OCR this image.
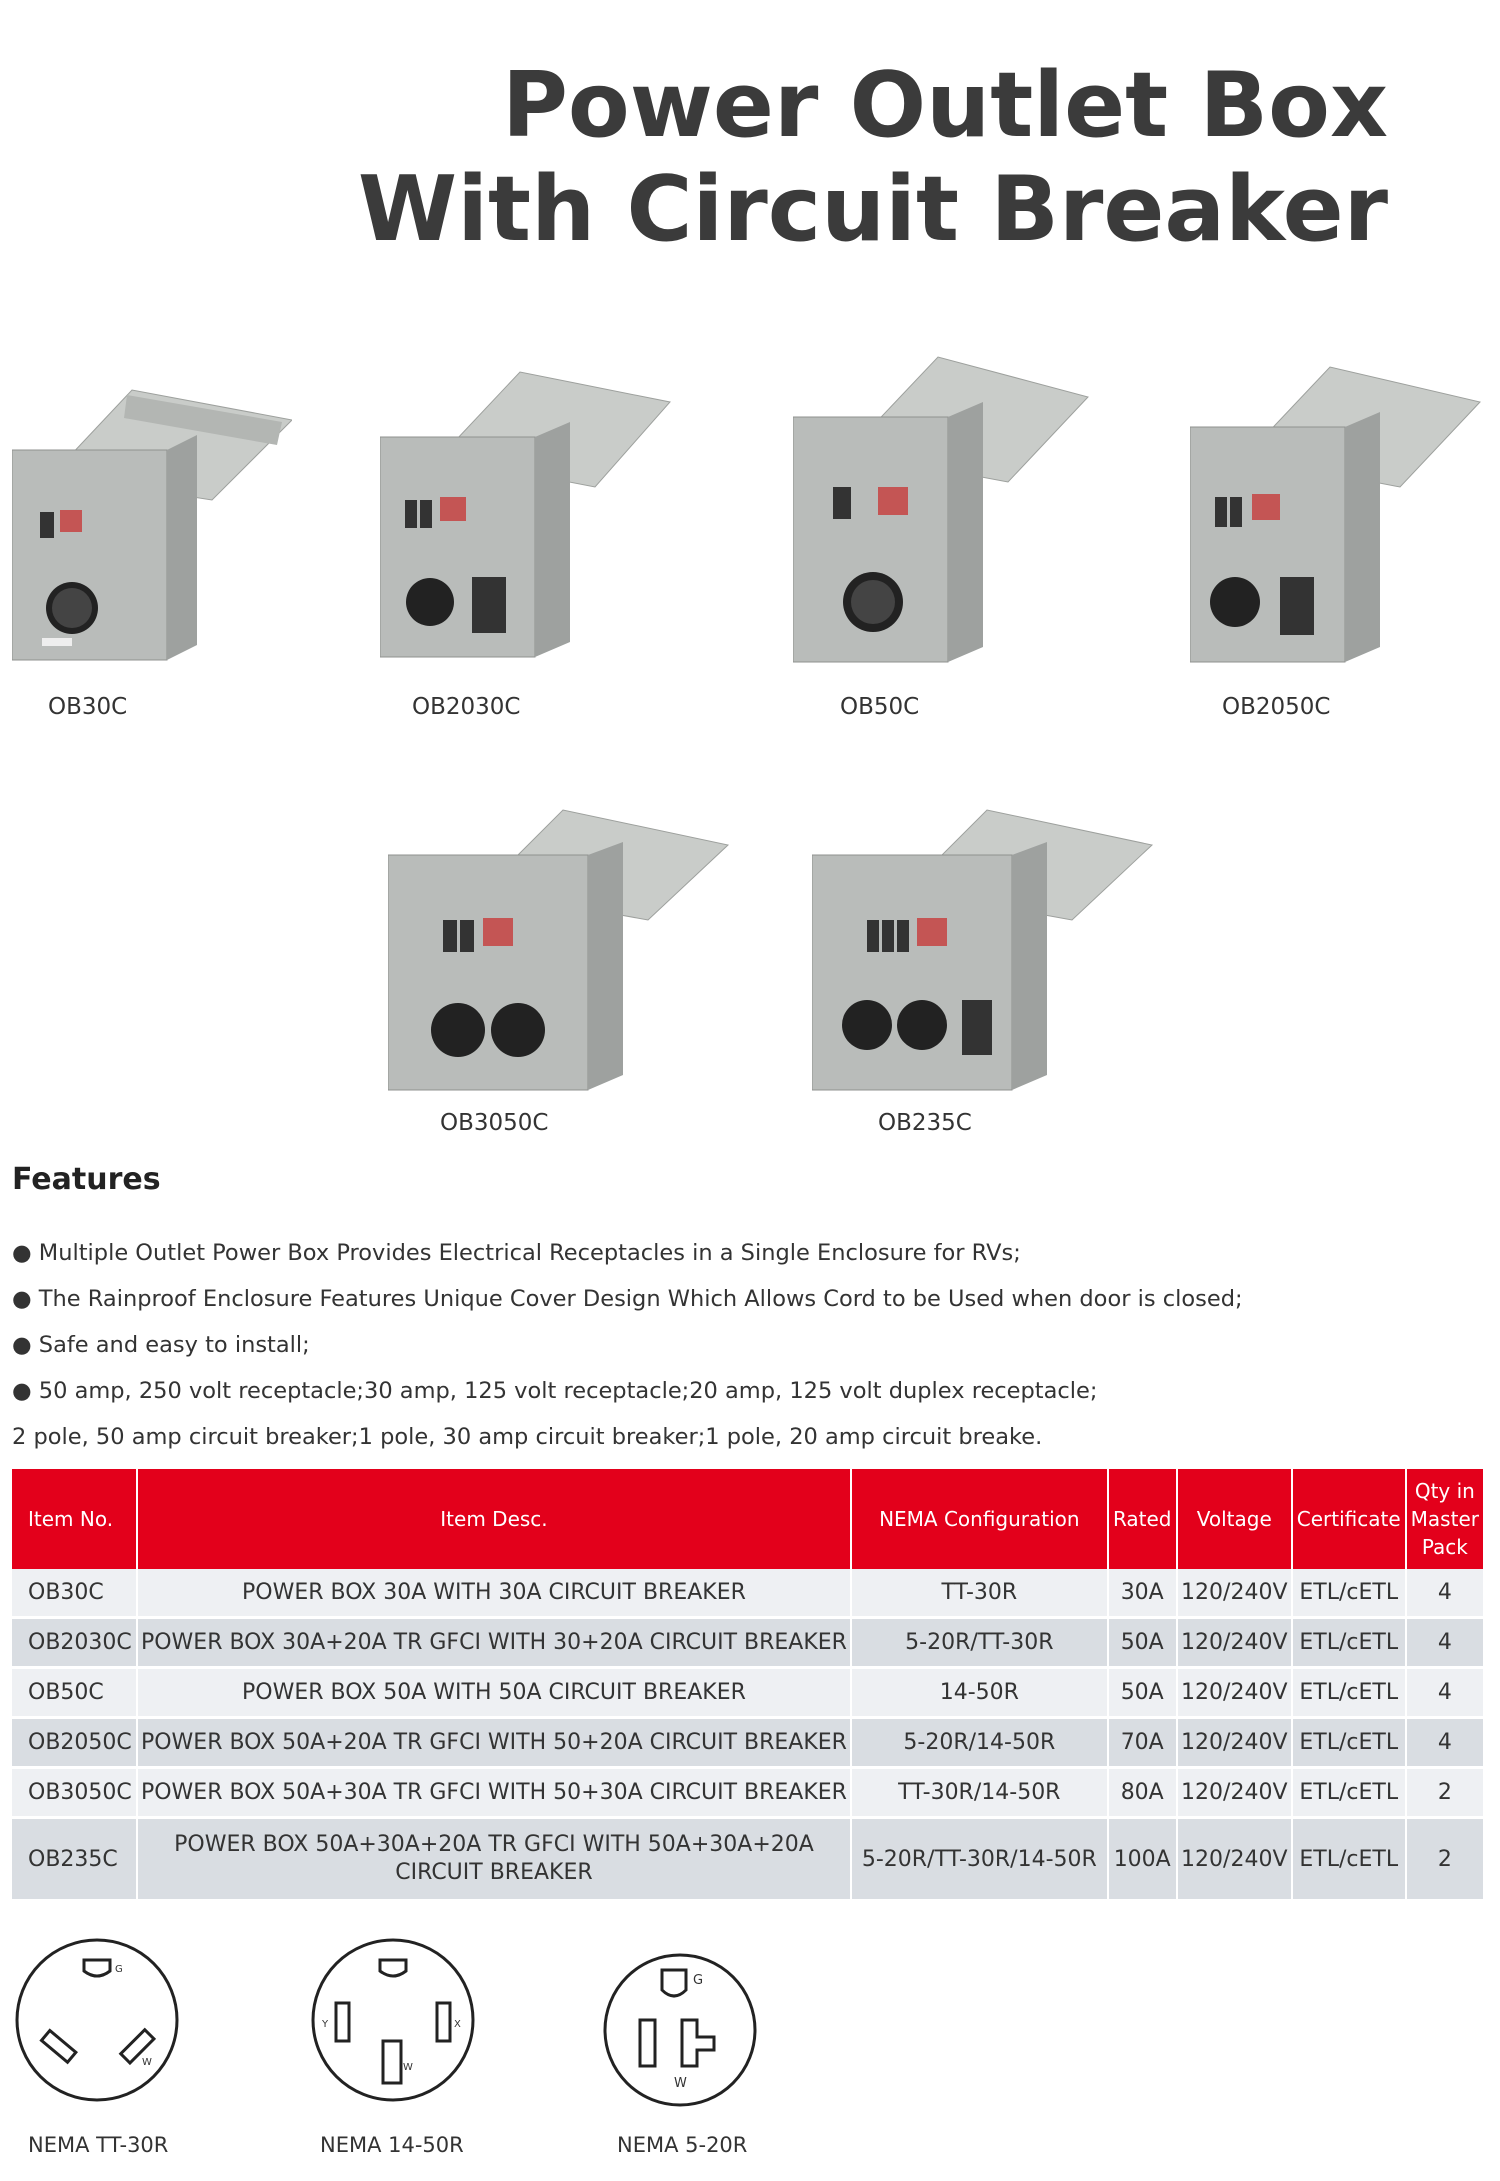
Power Outlet Box
With Circuit Breaker
OB30C	OB2030C	OB50C	OB2050C
OB3050C	OB235C
Features
● Multiple Outlet Power Box Provides Electrical Receptacles in a Single Enclosure for RVs;
● The Rainproof Enclosure Features Unique Cover Design Which Allows Cord to be Used when door is closed;
● Safe and easy to install;
● 50 amp, 250 volt receptacle;30 amp, 125 volt receptacle;20 amp, 125 volt duplex receptacle;
2 pole, 50 amp circuit breaker;1 pole, 30 amp circuit breaker;1 pole, 20 amp circuit breake.
Item No.	Item Desc.	NEMA Configuration	Rated	Voltage	Certificate	Qty in Master Pack
OB30C	POWER BOX 30A WITH 30A CIRCUIT BREAKER	TT-30R	30A	120/240V	ETL/cETL	4
OB2030C	POWER BOX 30A+20A TR GFCI WITH 30+20A CIRCUIT BREAKER	5-20R/TT-30R	50A	120/240V	ETL/cETL	4
OB50C	POWER BOX 50A WITH 50A CIRCUIT BREAKER	14-50R	50A	120/240V	ETL/cETL	4
OB2050C	POWER BOX 50A+20A TR GFCI WITH 50+20A CIRCUIT BREAKER	5-20R/14-50R	70A	120/240V	ETL/cETL	4
OB3050C	POWER BOX 50A+30A TR GFCI WITH 50+30A CIRCUIT BREAKER	TT-30R/14-50R	80A	120/240V	ETL/cETL	2
OB235C	POWER BOX 50A+30A+20A TR GFCI WITH 50A+30A+20A CIRCUIT BREAKER	5-20R/TT-30R/14-50R	100A	120/240V	ETL/cETL	2
G
W
NEMA TT-30R
Y	X
W
NEMA 14-50R
G
W
NEMA 5-20R
